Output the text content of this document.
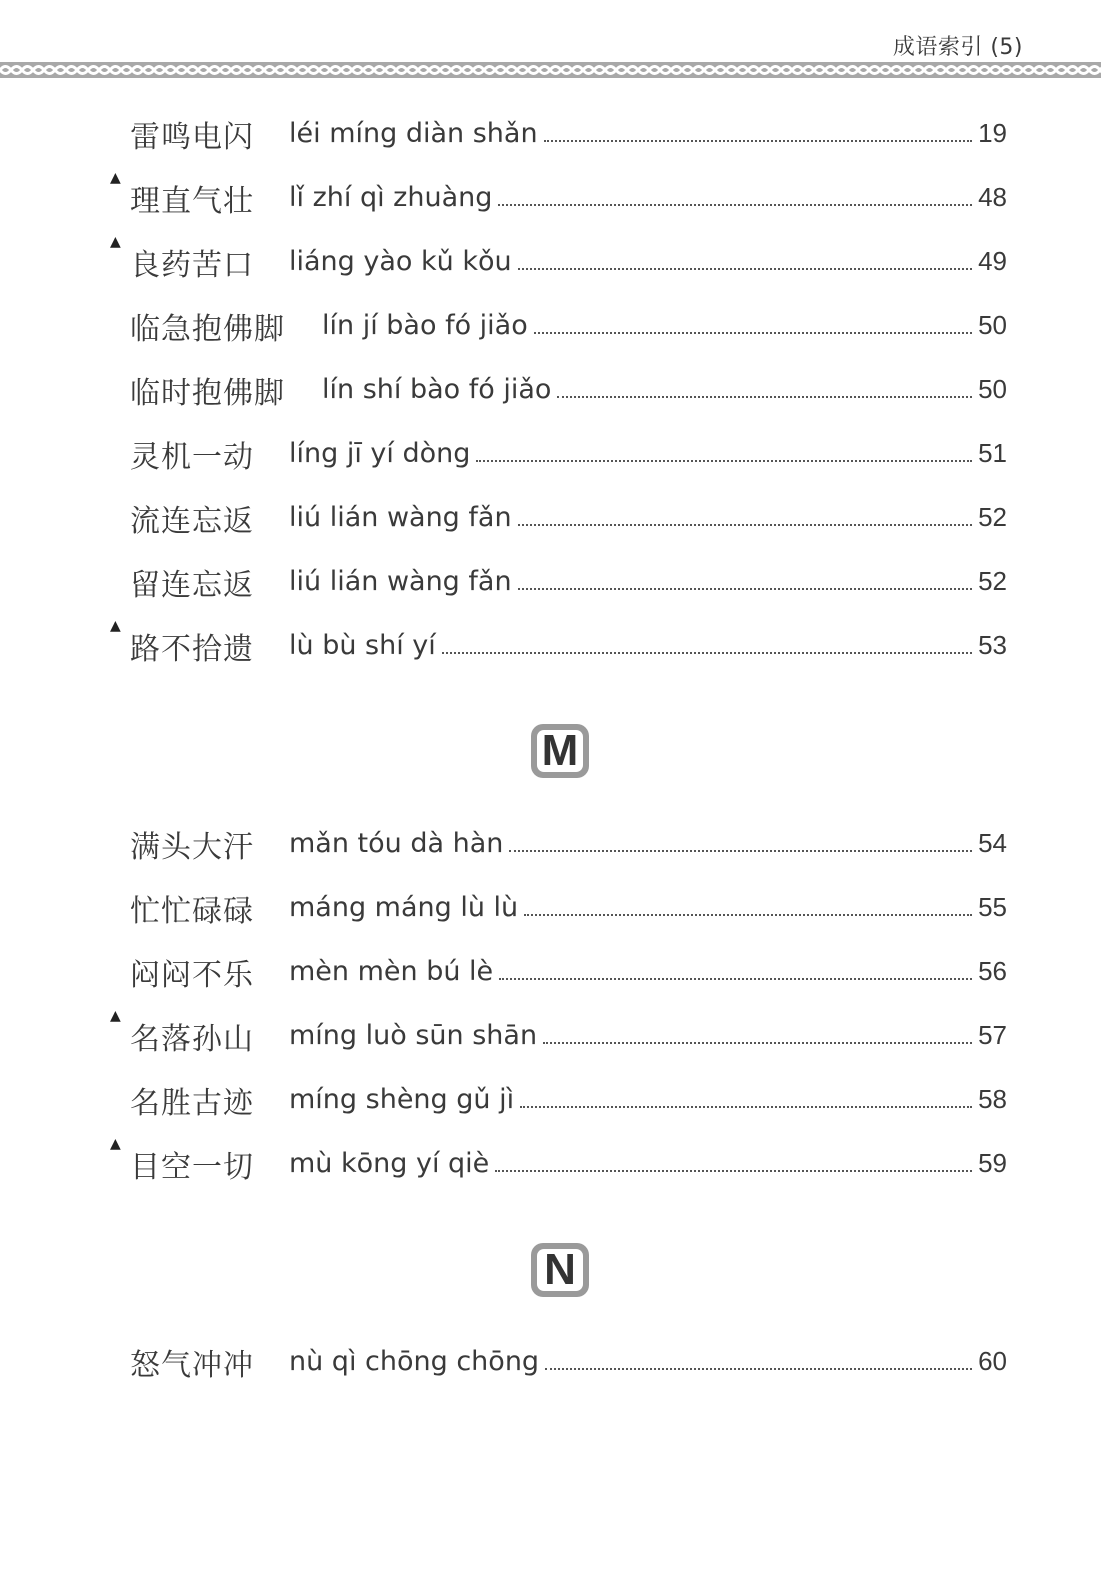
成语索引 (5)
雷鸣电闪 léi míng diàn shǎn	19
▲
理直气壮 lǐ zhí qì zhuàng	48
▲
良药苦口 liáng yào kǔ kǒu	49
临急抱佛脚 lín jí bào fó jiǎo	50
临时抱佛脚 lín shí bào fó jiǎo	50
灵机一动 líng jī yí dòng	51
流连忘返 liú lián wàng fǎn	52
留连忘返 liú lián wàng fǎn	52
▲
路不拾遗 lù bù shí yí	53
M
满头大汗 mǎn tóu dà hàn	54
忙忙碌碌 máng máng lù lù	55
闷闷不乐 mèn mèn bú lè	56
▲
名落孙山 míng luò sūn shān	57
名胜古迹 míng shèng gǔ jì	58
▲
目空一切 mù kōng yí qiè	59
N
怒气冲冲 nù qì chōng chōng	60
